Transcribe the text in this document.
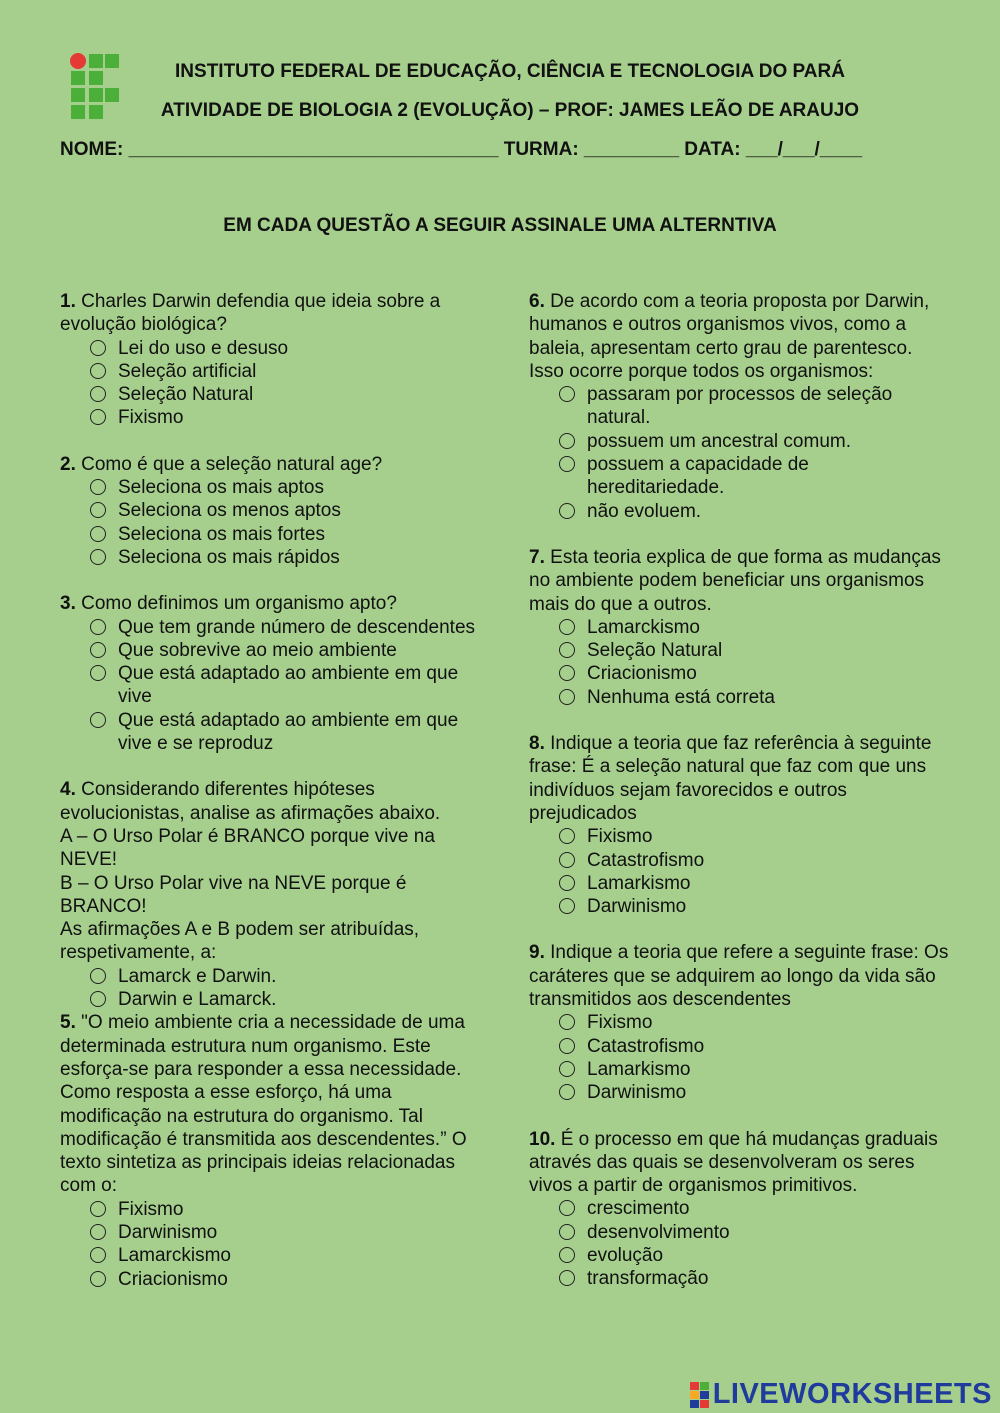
INSTITUTO FEDERAL DE EDUCAÇÃO, CIÊNCIA E TECNOLOGIA DO PARÁ
ATIVIDADE DE BIOLOGIA 2 (EVOLUÇÃO) – PROF: JAMES LEÃO DE ARAUJO
NOME: ___________________________________ TURMA: _________ DATA: ___/___/____
EM CADA QUESTÃO A SEGUIR ASSINALE UMA ALTERNTIVA

1. Charles Darwin defendia que ideia sobre a evolução biológica?

Lei do uso e desuso
Seleção artificial
Seleção Natural
Fixismo

2. Como é que a seleção natural age?

Seleciona os mais aptos
Seleciona os menos aptos
Seleciona os mais fortes
Seleciona os mais rápidos

3. Como definimos um organismo apto?

Que tem grande número de descendentes
Que sobrevive ao meio ambiente
Que está adaptado ao ambiente em que vive
Que está adaptado ao ambiente em que vive e se reproduz

4. Considerando diferentes hipóteses evolucionistas, analise as afirmações abaixo.

A – O Urso Polar é BRANCO porque vive na NEVE!

B – O Urso Polar vive na NEVE porque é BRANCO!

As afirmações A e B podem ser atribuídas, respetivamente, a:

Lamarck e Darwin.
Darwin e Lamarck.

5. "O meio ambiente cria a necessidade de uma determinada estrutura num organismo. Este esforça-se para responder a essa necessidade. Como resposta a esse esforço, há uma modificação na estrutura do organismo. Tal modificação é transmitida aos descendentes.” O texto sintetiza as principais ideias relacionadas com o:

Fixismo
Darwinismo
Lamarckismo
Criacionismo

6. De acordo com a teoria proposta por Darwin, humanos e outros organismos vivos, como a baleia, apresentam certo grau de parentesco. Isso ocorre porque todos os organismos:

passaram por processos de seleção natural.
possuem um ancestral comum.
possuem a capacidade de hereditariedade.
não evoluem.

7. Esta teoria explica de que forma as mudanças no ambiente podem beneficiar uns organismos mais do que a outros.

Lamarckismo
Seleção Natural
Criacionismo
Nenhuma está correta

8. Indique a teoria que faz referência à seguinte frase: É a seleção natural que faz com que uns indivíduos sejam favorecidos e outros prejudicados

Fixismo
Catastrofismo
Lamarkismo
Darwinismo

9. Indique a teoria que refere a seguinte frase: Os caráteres que se adquirem ao longo da vida são transmitidos aos descendentes

Fixismo
Catastrofismo
Lamarkismo
Darwinismo

10. É o processo em que há mudanças graduais através das quais se desenvolveram os seres vivos a partir de organismos primitivos.

crescimento
desenvolvimento
evolução
transformação
LIVEWORKSHEETS
